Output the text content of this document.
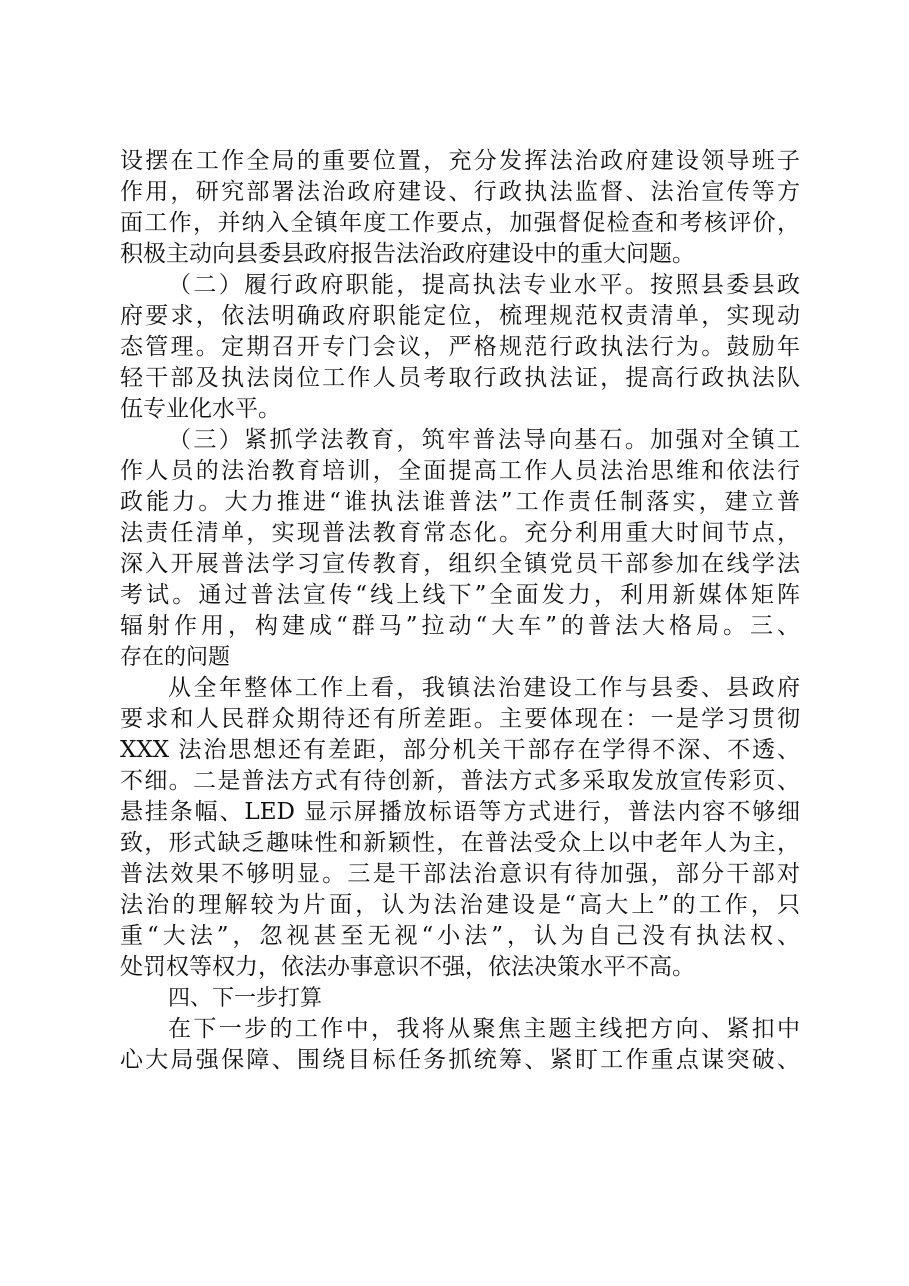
设摆在工作全局的重要位置，充分发挥法治政府建设领导班子
作用，研究部署法治政府建设、行政执法监督、法治宣传等方
面工作，并纳入全镇年度工作要点，加强督促检查和考核评价，
积极主动向县委县政府报告法治政府建设中的重大问题。
（二）履行政府职能，提高执法专业水平。按照县委县政
府要求，依法明确政府职能定位，梳理规范权责清单，实现动
态管理。定期召开专门会议，严格规范行政执法行为。鼓励年
轻干部及执法岗位工作人员考取行政执法证，提高行政执法队
伍专业化水平。
（三）紧抓学法教育，筑牢普法导向基石。加强对全镇工
作人员的法治教育培训，全面提高工作人员法治思维和依法行
政能力。大力推进“谁执法谁普法”工作责任制落实，建立普
法责任清单，实现普法教育常态化。充分利用重大时间节点，
深入开展普法学习宣传教育，组织全镇党员干部参加在线学法
考试。通过普法宣传“线上线下”全面发力，利用新媒体矩阵
辐射作用，构建成“群马”拉动“大车”的普法大格局。三、
存在的问题
从全年整体工作上看，我镇法治建设工作与县委、县政府
要求和人民群众期待还有所差距。主要体现在：一是学习贯彻
XXX 法治思想还有差距，部分机关干部存在学得不深、不透、
不细。二是普法方式有待创新，普法方式多采取发放宣传彩页、
悬挂条幅、LED 显示屏播放标语等方式进行，普法内容不够细
致，形式缺乏趣味性和新颖性，在普法受众上以中老年人为主，
普法效果不够明显。三是干部法治意识有待加强，部分干部对
法治的理解较为片面，认为法治建设是“高大上”的工作，只
重“大法”，忽视甚至无视“小法”，认为自己没有执法权、
处罚权等权力，依法办事意识不强，依法决策水平不高。
四、下一步打算
在下一步的工作中，我将从聚焦主题主线把方向、紧扣中
心大局强保障、围绕目标任务抓统筹、紧盯工作重点谋突破、
